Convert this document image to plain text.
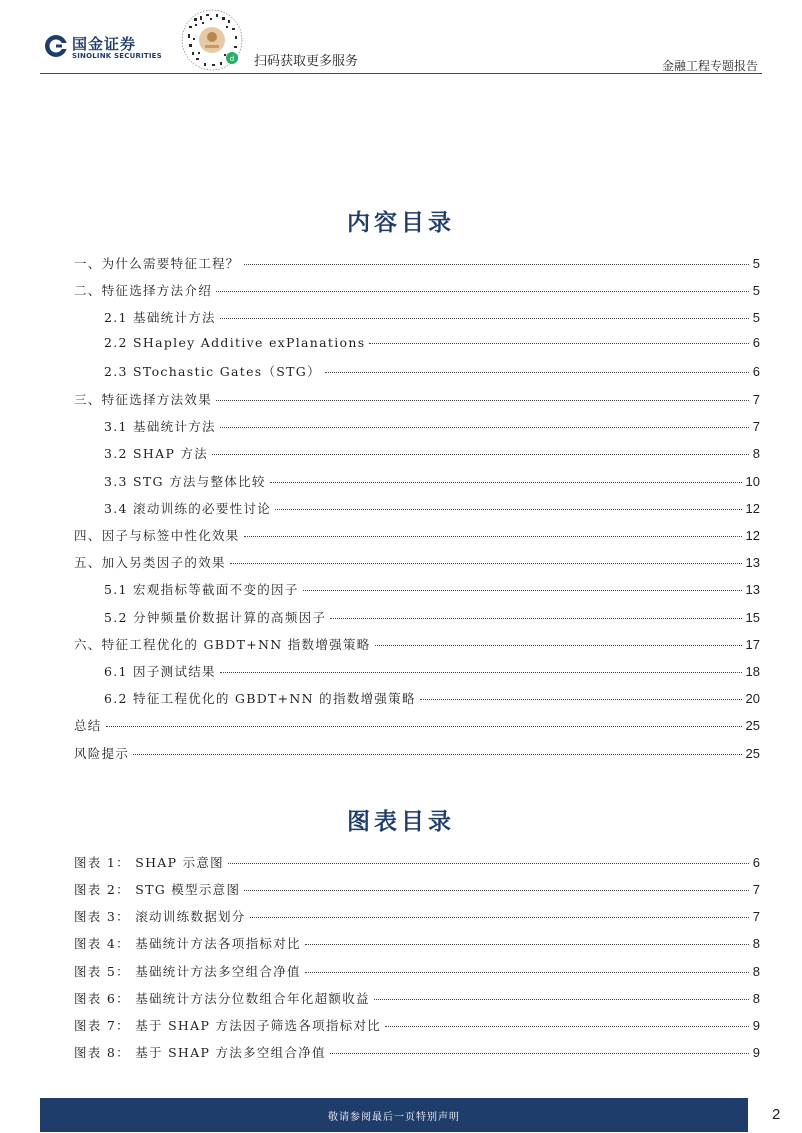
国金证券
SINOLINK SECURITIES	d 扫码获取更多服务	金融工程专题报告
内容目录
一、为什么需要特征工程？	5
二、特征选择方法介绍	5
2.1 基础统计方法	5
2.2 SHapley Additive exPlanations	6
2.3 STochastic Gates（STG）	6
三、特征选择方法效果	7
3.1 基础统计方法	7
3.2 SHAP 方法	8
3.3 STG 方法与整体比较	10
3.4 滚动训练的必要性讨论	12
四、因子与标签中性化效果	12
五、加入另类因子的效果	13
5.1 宏观指标等截面不变的因子	13
5.2 分钟频量价数据计算的高频因子	15
六、特征工程优化的 GBDT+NN 指数增强策略	17
6.1 因子测试结果	18
6.2 特征工程优化的 GBDT+NN 的指数增强策略	20
总结	25
风险提示	25
图表目录
图表 1： SHAP 示意图	6
图表 2： STG 模型示意图	7
图表 3： 滚动训练数据划分	7
图表 4： 基础统计方法各项指标对比	8
图表 5： 基础统计方法多空组合净值	8
图表 6： 基础统计方法分位数组合年化超额收益	8
图表 7： 基于 SHAP 方法因子筛选各项指标对比	9
图表 8： 基于 SHAP 方法多空组合净值	9
敬请参阅最后一页特别声明	2
